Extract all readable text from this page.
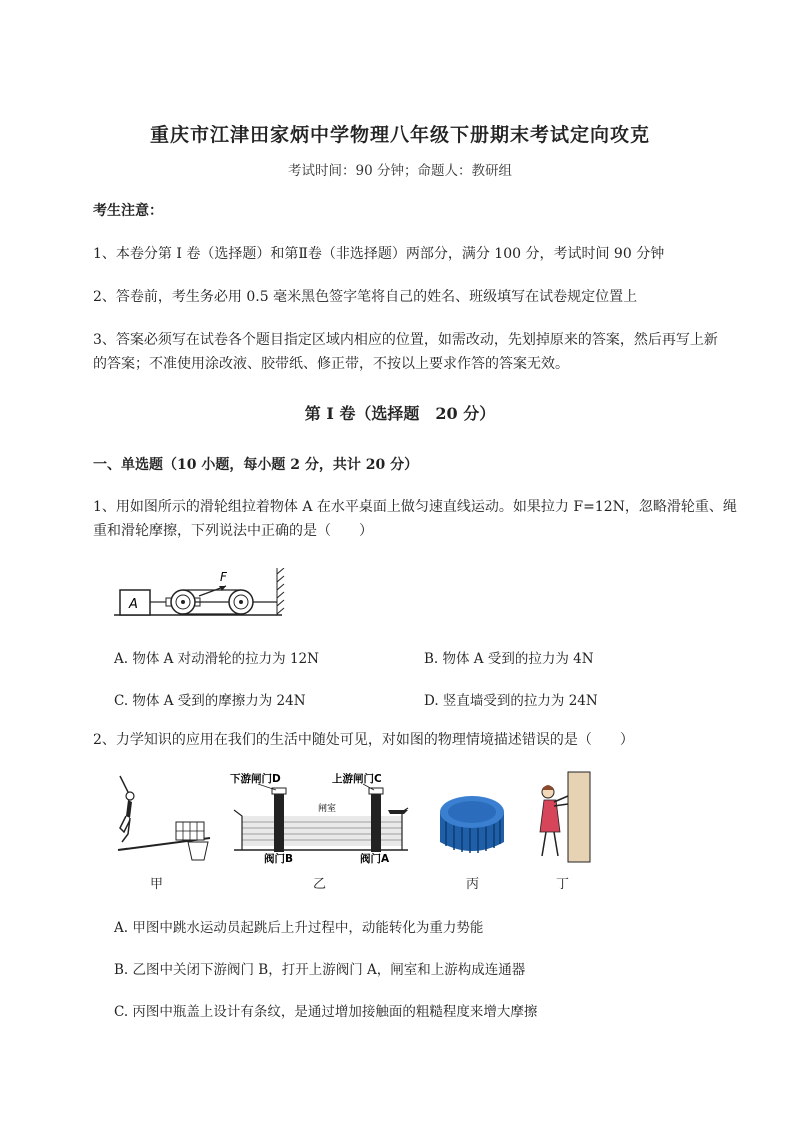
重庆市江津田家炳中学物理八年级下册期末考试定向攻克
考试时间：90 分钟；命题人：教研组
考生注意：
1、本卷分第 I 卷（选择题）和第Ⅱ卷（非选择题）两部分，满分 100 分，考试时间 90 分钟
2、答卷前，考生务必用 0.5 毫米黑色签字笔将自己的姓名、班级填写在试卷规定位置上
3、答案必须写在试卷各个题目指定区域内相应的位置，如需改动，先划掉原来的答案，然后再写上新
的答案；不准使用涂改液、胶带纸、修正带，不按以上要求作答的答案无效。
第 I 卷（选择题　20 分）
一、单选题（10 小题，每小题 2 分，共计 20 分）
1、用如图所示的滑轮组拉着物体 A 在水平桌面上做匀速直线运动。如果拉力 F=12N，忽略滑轮重、绳
重和滑轮摩擦，下列说法中正确的是（　　）
A
F
A. 物体 A 对动滑轮的拉力为 12N	B. 物体 A 受到的拉力为 4N
C. 物体 A 受到的摩擦力为 24N	D. 竖直墙受到的拉力为 24N
2、力学知识的应用在我们的生活中随处可见，对如图的物理情境描述错误的是（　　）
甲
下游闸门D	上游闸门C
闸室
阀门B	阀门A
乙	丙	丁
A. 甲图中跳水运动员起跳后上升过程中，动能转化为重力势能
B. 乙图中关闭下游阀门 B，打开上游阀门 A，闸室和上游构成连通器
C. 丙图中瓶盖上设计有条纹，是通过增加接触面的粗糙程度来增大摩擦
